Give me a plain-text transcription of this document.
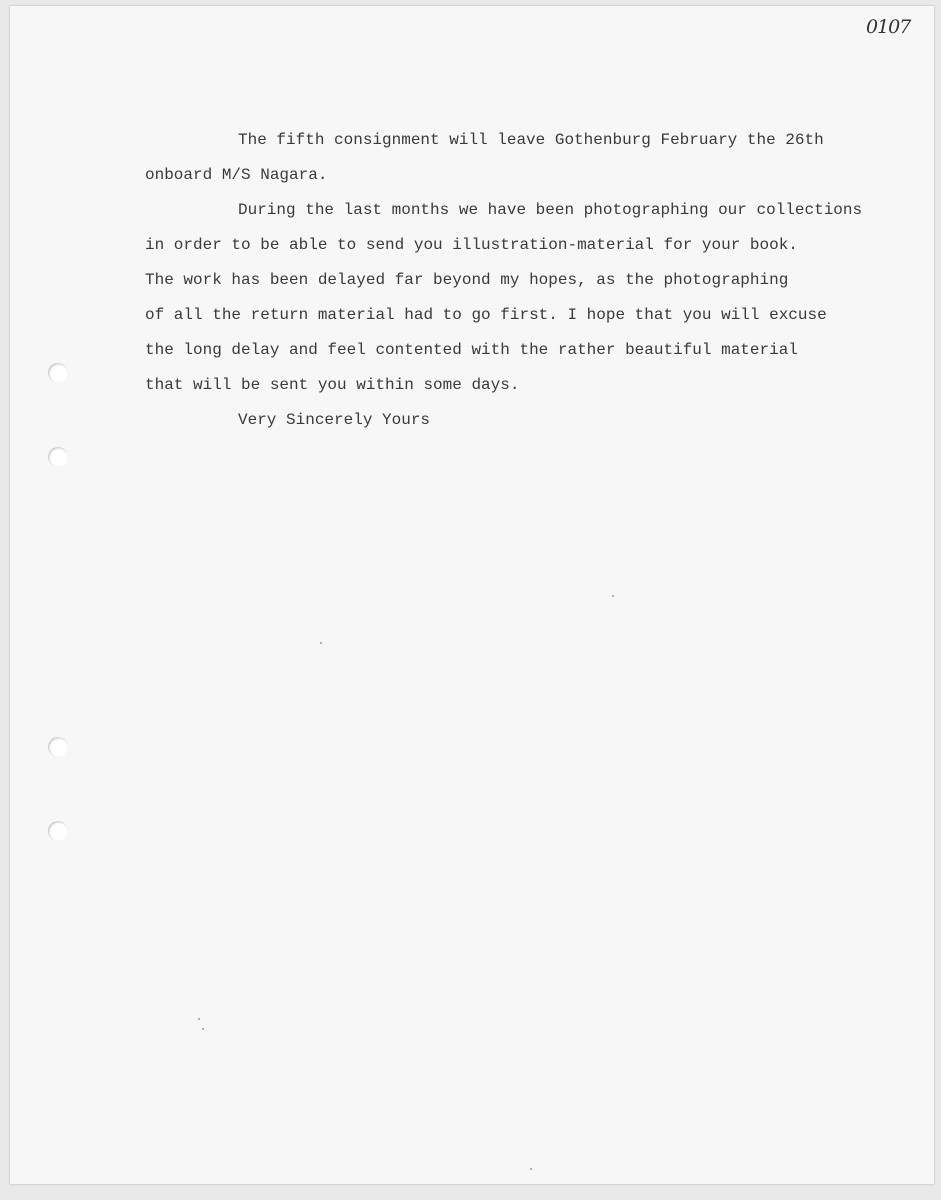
0107
The fifth consignment will leave Gothenburg February the 26th
onboard M/S Nagara.
During the last months we have been photographing our collections
in order to be able to send you illustration-material for your book.
The work has been delayed far beyond my hopes, as the photographing
of all the return material had to go first. I hope that you will excuse
the long delay and feel contented with the rather beautiful material
that will be sent you within some days.
Very Sincerely Yours
